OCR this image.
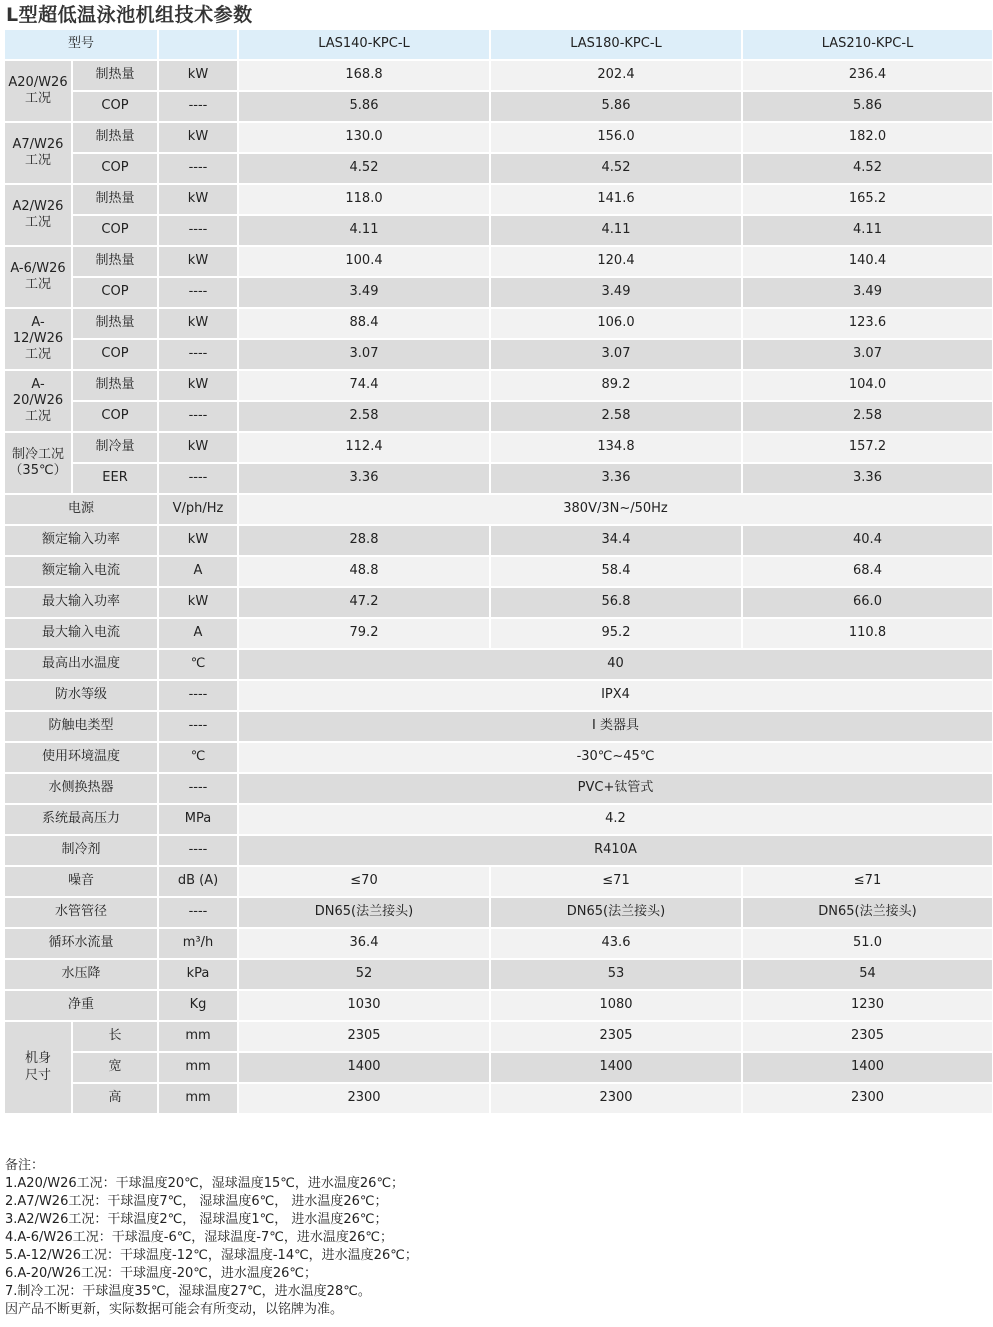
L型超低温泳池机组技术参数
型号	LAS140-KPC-L	LAS180-KPC-L	LAS210-KPC-L
A20/W26
工况
制热量	kW	168.8	202.4	236.4
COP	----	5.86	5.86	5.86
A7/W26
工况
制热量	kW	130.0	156.0	182.0
COP	----	4.52	4.52	4.52
A2/W26
工况
制热量	kW	118.0	141.6	165.2
COP	----	4.11	4.11	4.11
A-6/W26
工况
制热量	kW	100.4	120.4	140.4
COP	----	3.49	3.49	3.49
A-12/W26
工况
制热量	kW	88.4	106.0	123.6
COP	----	3.07	3.07	3.07
A-20/W26
工况
制热量	kW	74.4	89.2	104.0
COP	----	2.58	2.58	2.58
制冷工况
（35℃）
制冷量	kW	112.4	134.8	157.2
EER	----	3.36	3.36	3.36
电源	V/ph/Hz	380V/3N~/50Hz
额定输入功率	kW	28.8	34.4	40.4
额定输入电流	A	48.8	58.4	68.4
最大输入功率	kW	47.2	56.8	66.0
最大输入电流	A	79.2	95.2	110.8
最高出水温度	℃	40
防水等级	----	IPX4
防触电类型	----	I 类器具
使用环境温度	℃	-30℃~45℃
水侧换热器	----	PVC+钛管式
系统最高压力	MPa	4.2
制冷剂	----	R410A
噪音	dB (A)	≤70	≤71	≤71
水管管径	----	DN65(法兰接头)	DN65(法兰接头)	DN65(法兰接头)
循环水流量	m³/h	36.4	43.6	51.0
水压降	kPa	52	53	54
净重	Kg	1030	1080	1230
机身
尺寸
长	mm	2305	2305	2305
宽	mm	1400	1400	1400
高	mm	2300	2300	2300
备注：
1.A20/W26工况：干球温度20℃，湿球温度15℃，进水温度26℃；
2.A7/W26工况：干球温度7℃， 湿球温度6℃， 进水温度26℃；
3.A2/W26工况：干球温度2℃， 湿球温度1℃， 进水温度26℃；
4.A-6/W26工况：干球温度-6℃，湿球温度-7℃，进水温度26℃；
5.A-12/W26工况：干球温度-12℃，湿球温度-14℃，进水温度26℃；
6.A-20/W26工况：干球温度-20℃，进水温度26℃；
7.制冷工况：干球温度35℃，湿球温度27℃，进水温度28℃。
因产品不断更新，实际数据可能会有所变动，以铭牌为准。
